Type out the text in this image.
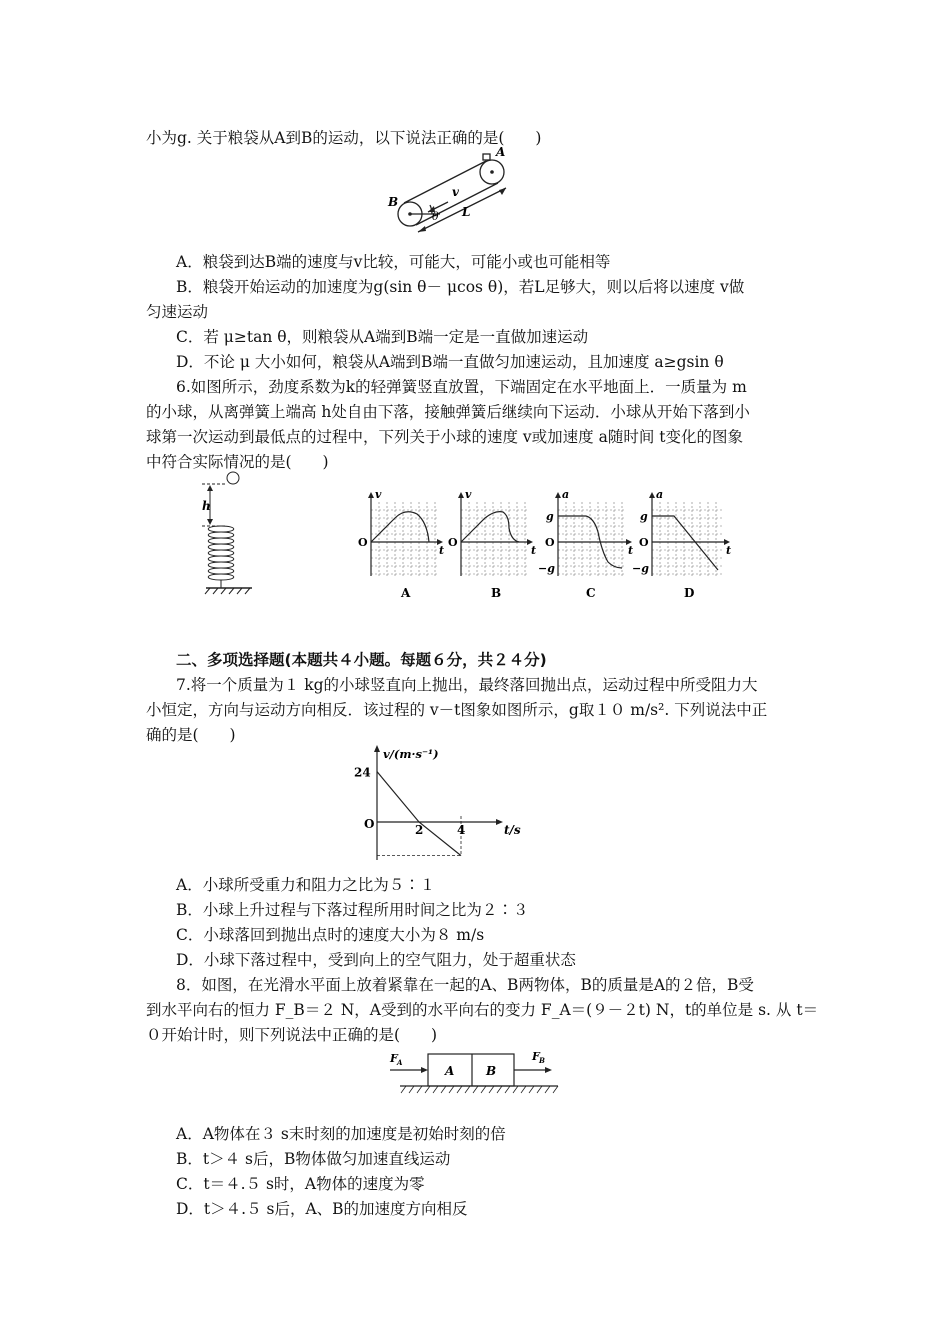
小为g. 关于粮袋从A到B的运动，以下说法正确的是(　　)
B
A
v
L
θ
A．粮袋到达B端的速度与v比较，可能大，可能小或也可能相等
B．粮袋开始运动的加速度为g(sin θ－ μcos θ)，若L足够大，则以后将以速度 v做
匀速运动
C．若 μ≥tan θ，则粮袋从A端到B端一定是一直做加速运动
D．不论 μ 大小如何，粮袋从A端到B端一直做匀加速运动，且加速度 a≥gsin θ
6.如图所示，劲度系数为k的轻弹簧竖直放置，下端固定在水平地面上．一质量为 m
的小球，从离弹簧上端高 h处自由下落，接触弹簧后继续向下运动．小球从开始下落到小
球第一次运动到最低点的过程中，下列关于小球的速度 v或加速度 a随时间 t变化的图象
中符合实际情况的是(　　)
h
v
t
O
A
v
t
O
B
a
t
O
g
−g
C
a
t
O
g
−g
D
二、多项选择题(本题共４小题。每题６分，共２４分)
7.将一个质量为１ kg的小球竖直向上抛出，最终落回抛出点，运动过程中所受阻力大
小恒定，方向与运动方向相反．该过程的 v－t图象如图所示，g取１０ m/s². 下列说法中正
确的是(　　)
v/(m·s⁻¹)
t/s
O
24
2	4
A．小球所受重力和阻力之比为５∶１
B．小球上升过程与下落过程所用时间之比为２∶３
C．小球落回到抛出点时的速度大小为８ m/s
D．小球下落过程中，受到向上的空气阻力，处于超重状态
8．如图，在光滑水平面上放着紧靠在一起的A、B两物体，B的质量是A的２倍，B受
到水平向右的恒力 F_B＝２ N，A受到的水平向右的变力 F_A＝(９－２t) N，t的单位是 s. 从 t＝
０开始计时，则下列说法中正确的是(　　)
F A	F B
A	B
A．A物体在３ s末时刻的加速度是初始时刻的倍
B．t＞４ s后，B物体做匀加速直线运动
C．t＝４.５ s时，A物体的速度为零
D．t＞４.５ s后，A、B的加速度方向相反
